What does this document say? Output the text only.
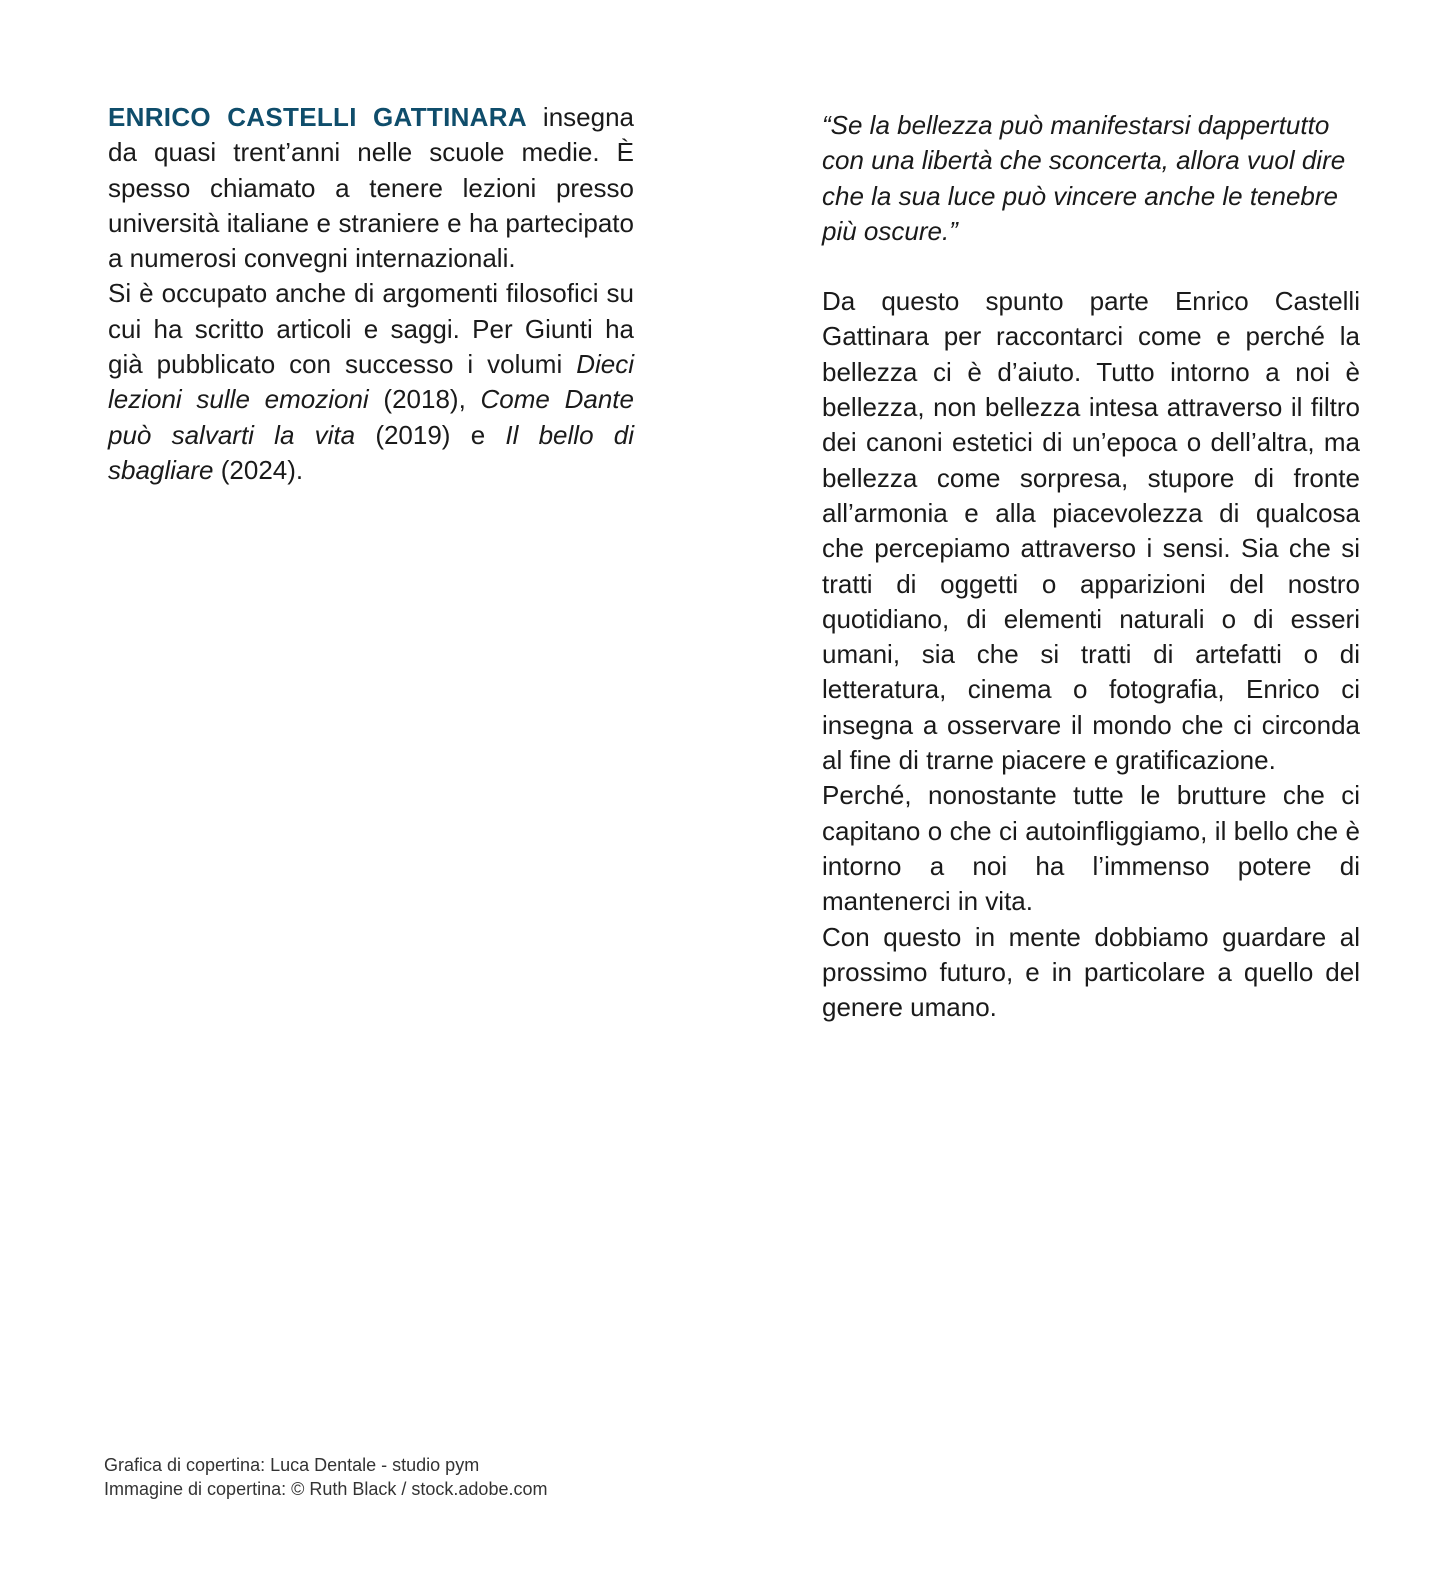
ENRICO CASTELLI GATTINARA insegna da quasi trent’anni nelle scuole medie. È spesso chiamato a tenere lezioni presso università italiane e straniere e ha partecipato a numerosi convegni internazionali.

Si è occupato anche di argomenti filosofici su cui ha scritto articoli e saggi. Per Giunti ha già pubblicato con successo i volumi Dieci lezioni sulle emozioni (2018), Come Dante può salvarti la vita (2019) e Il bello di sbagliare (2024).

“Se la bellezza può manifestarsi dappertutto con una libertà che sconcerta, allora vuol dire che la sua luce può vincere anche le tenebre più oscure.”

Da questo spunto parte Enrico Castelli Gattinara per raccontarci come e perché la bellezza ci è d’aiuto. Tutto intorno a noi è bellezza, non bellezza intesa attraverso il filtro dei canoni estetici di un’epoca o dell’altra, ma bellezza come sorpresa, stupore di fronte all’armonia e alla piacevolezza di qualcosa che percepiamo attraverso i sensi. Sia che si tratti di oggetti o apparizioni del nostro quotidiano, di elementi naturali o di esseri umani, sia che si tratti di artefatti o di letteratura, cinema o fotografia, Enrico ci insegna a osservare il mondo che ci circonda al fine di trarne piacere e gratificazione.

Perché, nonostante tutte le brutture che ci capitano o che ci autoinfliggiamo, il bello che è intorno a noi ha l’immenso potere di mantenerci in vita.

Con questo in mente dobbiamo guardare al prossimo futuro, e in particolare a quello del genere umano.

Grafica di copertina: Luca Dentale - studio pym
Immagine di copertina: © Ruth Black / stock.adobe.com
